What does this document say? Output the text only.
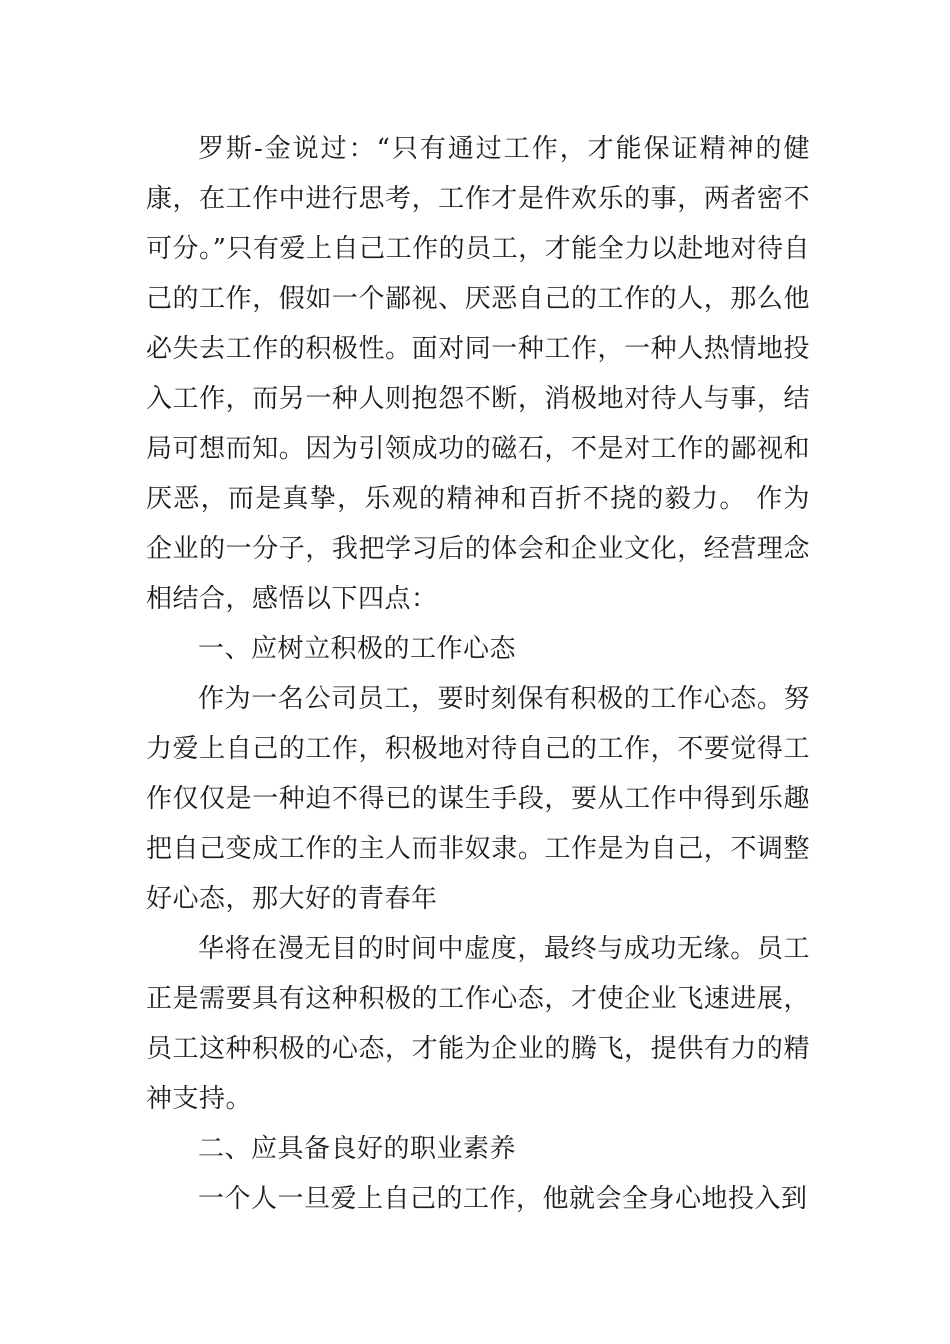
罗斯-金说过：“只有通过工作，才能保证精神的健康，在工作中进行思考，工作才是件欢乐的事，两者密不可分。”只有爱上自己工作的员工，才能全力以赴地对待自己的工作，假如一个鄙视、厌恶自己的工作的人，那么他必失去工作的积极性。面对同一种工作，一种人热情地投入工作，而另一种人则抱怨不断，消极地对待人与事，结局可想而知。因为引领成功的磁石，不是对工作的鄙视和厌恶，而是真挚，乐观的精神和百折不挠的毅力。 作为企业的一分子，我把学习后的体会和企业文化，经营理念相结合，感悟以下四点：

一、应树立积极的工作心态

作为一名公司员工，要时刻保有积极的工作心态。努力爱上自己的工作，积极地对待自己的工作，不要觉得工作仅仅是一种迫不得已的谋生手段，要从工作中得到乐趣把自己变成工作的主人而非奴隶。工作是为自己，不调整好心态，那大好的青春年

华将在漫无目的时间中虚度，最终与成功无缘。员工正是需要具有这种积极的工作心态，才使企业飞速进展，员工这种积极的心态，才能为企业的腾飞，提供有力的精神支持。

二、应具备良好的职业素养

一个人一旦爱上自己的工作，他就会全身心地投入到
